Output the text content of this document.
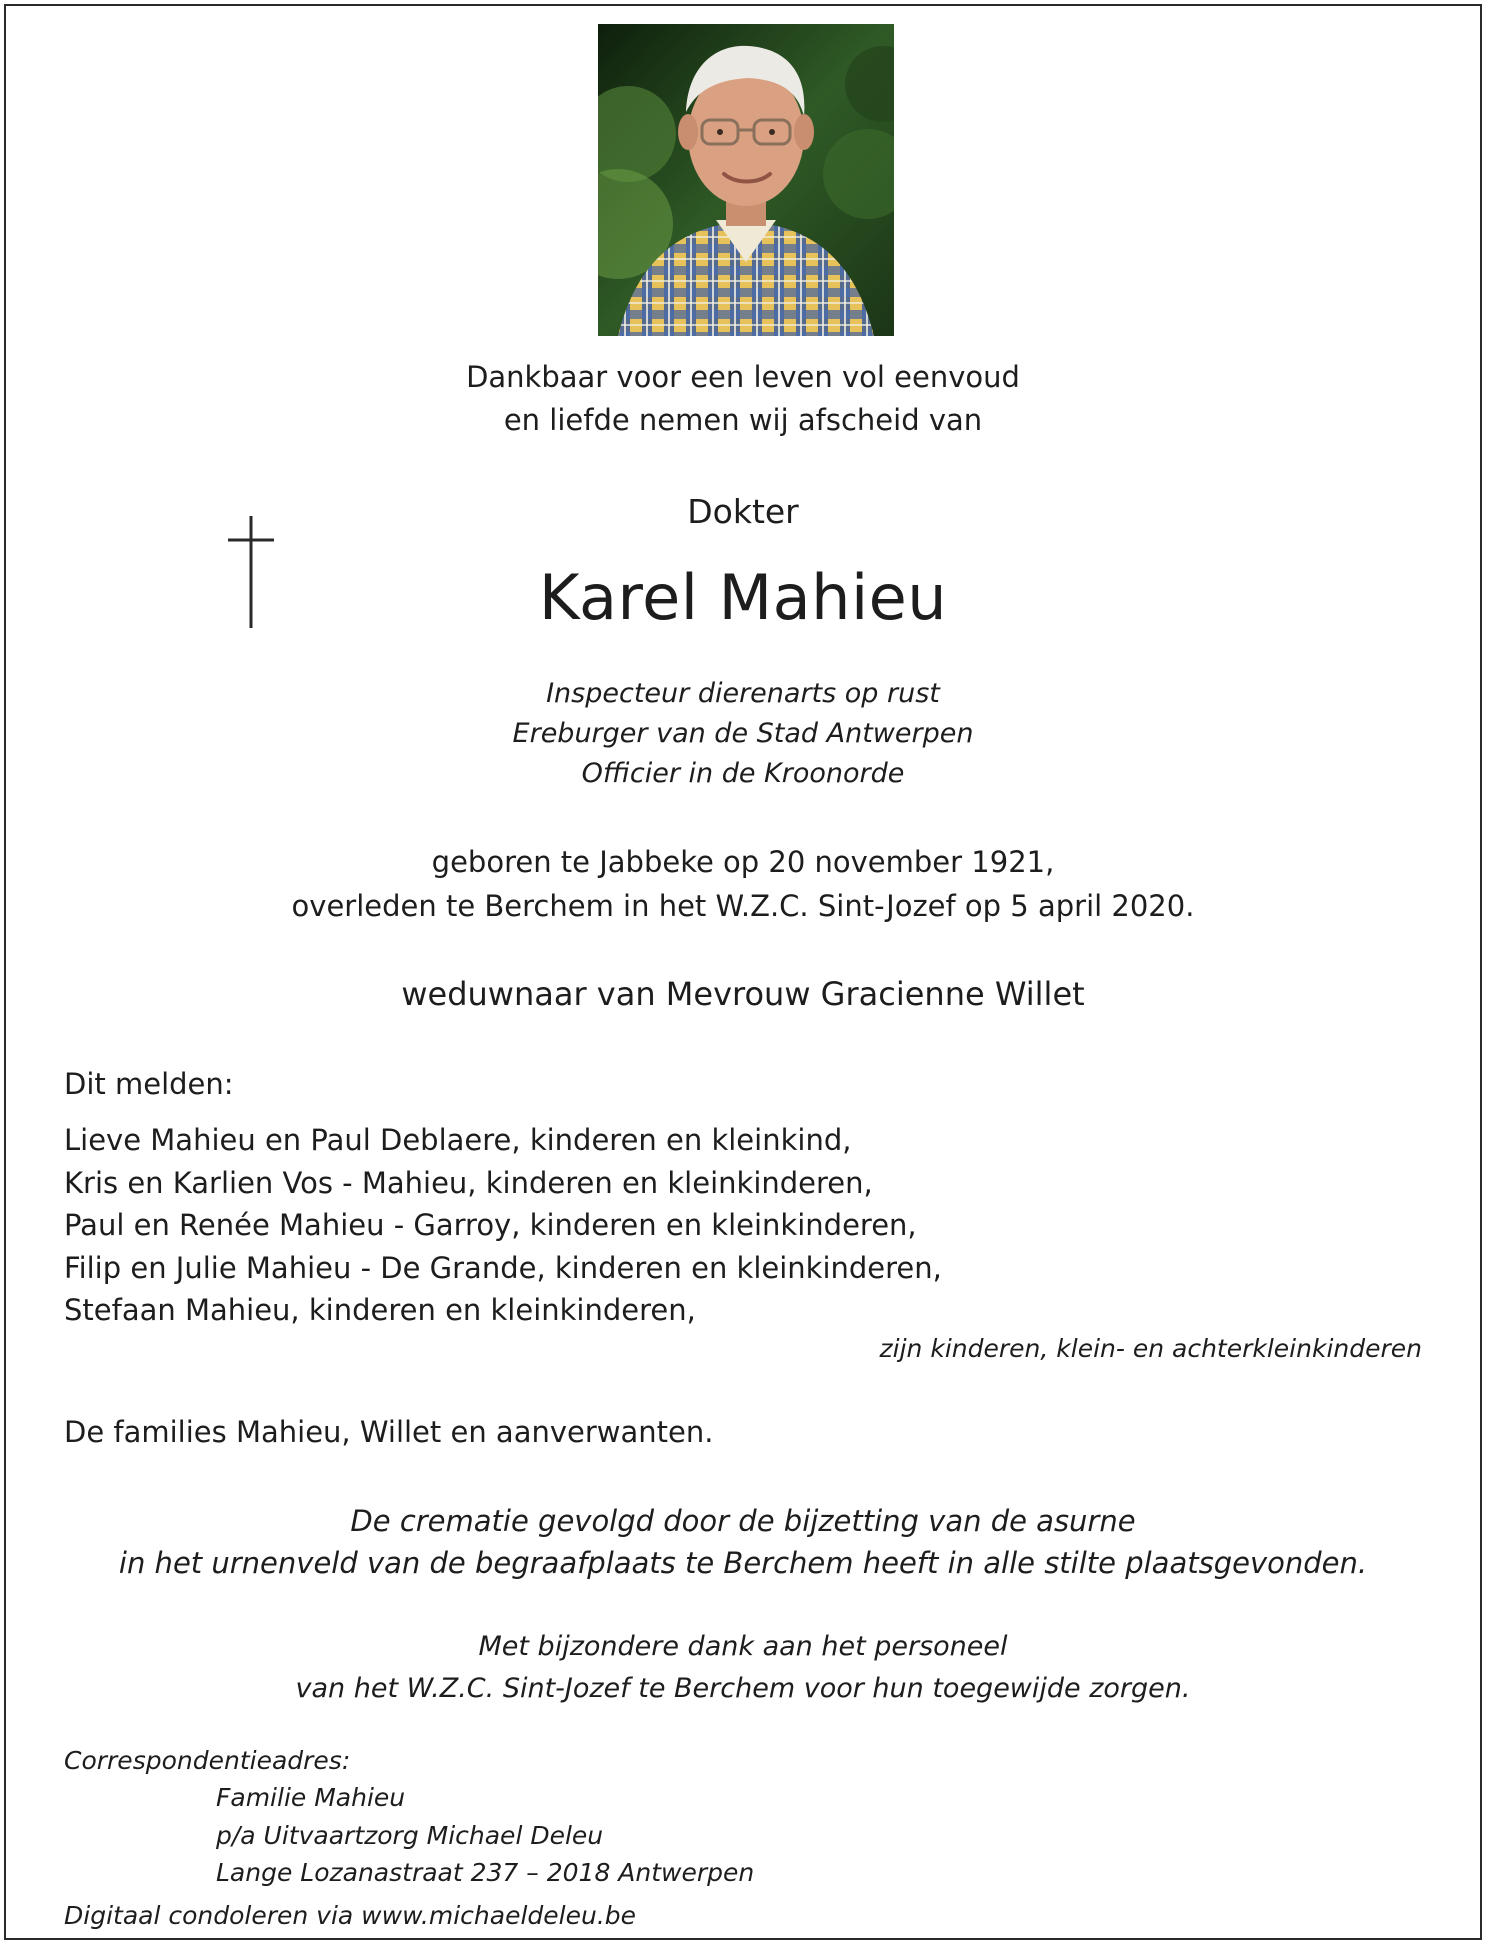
Dankbaar voor een leven vol eenvoud

en liefde nemen wij afscheid van

Dokter
Karel Mahieu

Inspecteur dierenarts op rust

Ereburger van de Stad Antwerpen

Officier in de Kroonorde

geboren te Jabbeke op 20 november 1921,

overleden te Berchem in het W.Z.C. Sint-Jozef op 5 april 2020.

weduwnaar van Mevrouw Gracienne Willet
Dit melden:

Lieve Mahieu en Paul Deblaere, kinderen en kleinkind,

Kris en Karlien Vos - Mahieu, kinderen en kleinkinderen,

Paul en Renée Mahieu - Garroy, kinderen en kleinkinderen,

Filip en Julie Mahieu - De Grande, kinderen en kleinkinderen,

Stefaan Mahieu, kinderen en kleinkinderen,

zijn kinderen, klein- en achterkleinkinderen
De families Mahieu, Willet en aanverwanten.

De crematie gevolgd door de bijzetting van de asurne

in het urnenveld van de begraafplaats te Berchem heeft in alle stilte plaatsgevonden.

Met bijzondere dank aan het personeel

van het W.Z.C. Sint-Jozef te Berchem voor hun toegewijde zorgen.

Correspondentieadres:

Familie Mahieu

p/a Uitvaartzorg Michael Deleu

Lange Lozanastraat 237 – 2018 Antwerpen

Digitaal condoleren via www.michaeldeleu.be
